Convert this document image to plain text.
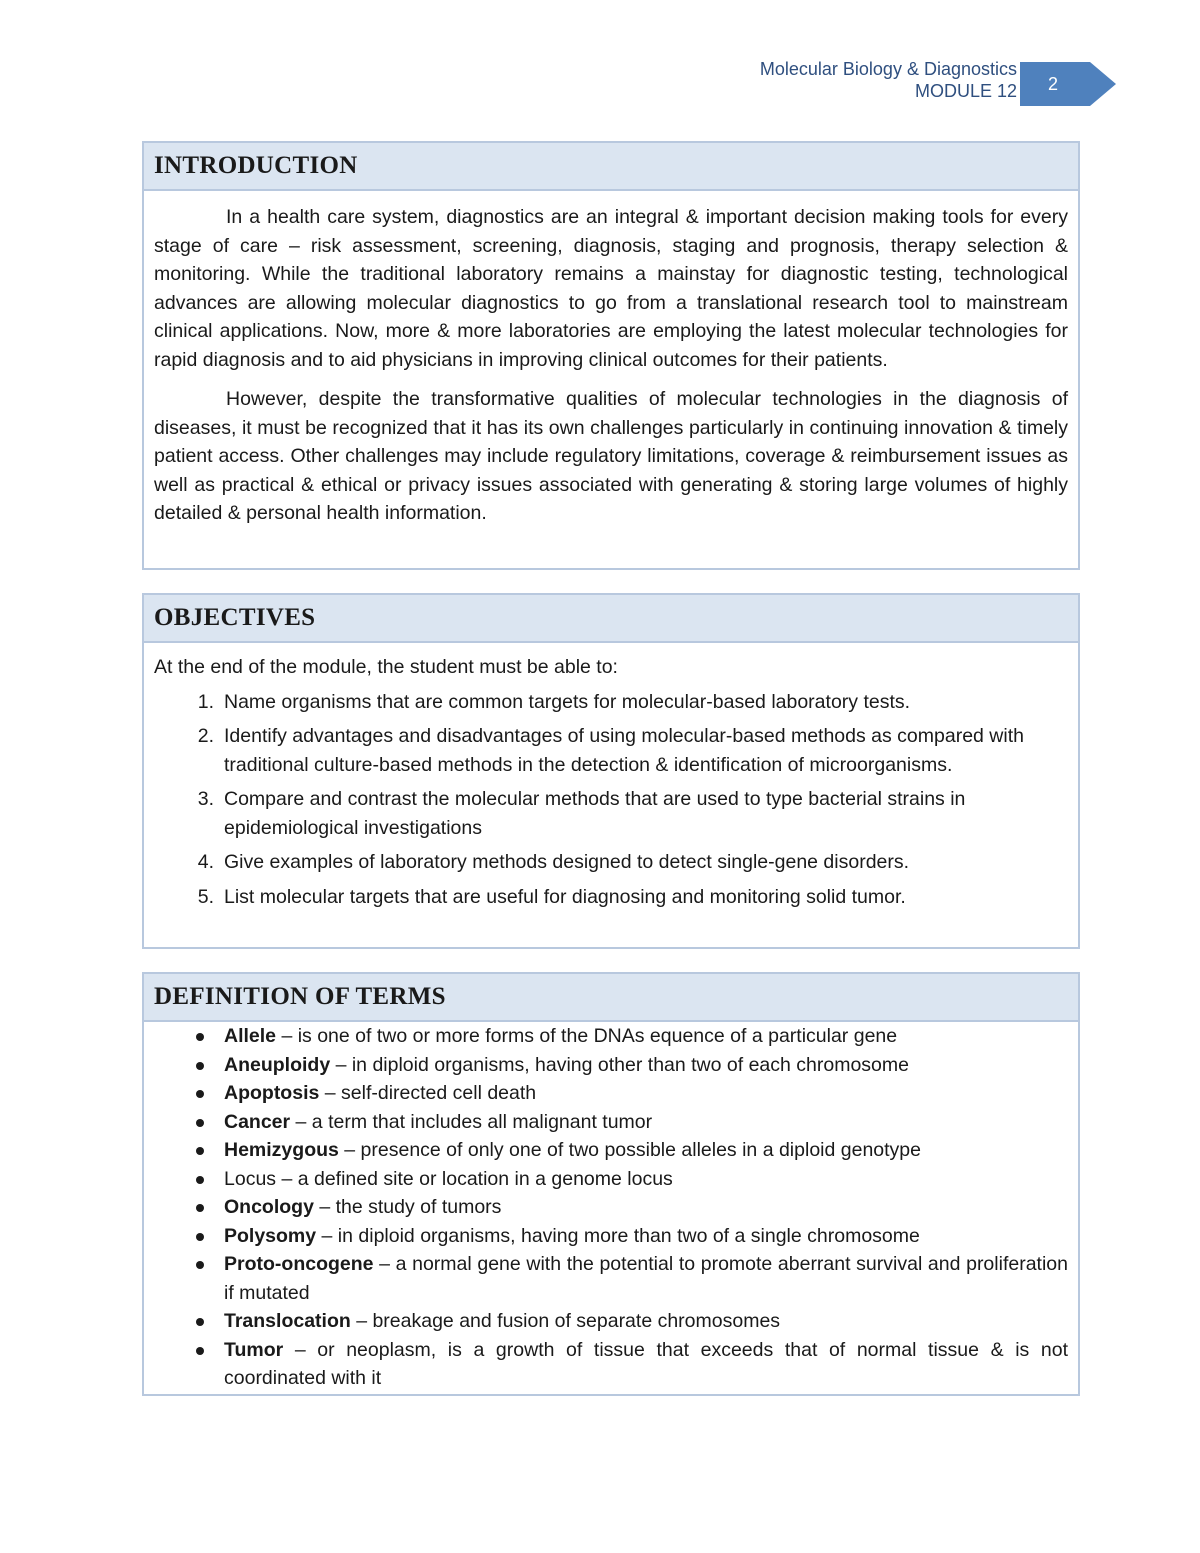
Molecular Biology & Diagnostics
MODULE 12	2
INTRODUCTION

In a health care system, diagnostics are an integral & important decision making tools for every stage of care – risk assessment, screening, diagnosis, staging and prognosis, therapy selection & monitoring. While the traditional laboratory remains a mainstay for diagnostic testing, technological advances are allowing molecular diagnostics to go from a translational research tool to mainstream clinical applications. Now, more & more laboratories are employing the latest molecular technologies for rapid diagnosis and to aid physicians in improving clinical outcomes for their patients.

However, despite the transformative qualities of molecular technologies in the diagnosis of diseases, it must be recognized that it has its own challenges particularly in continuing innovation & timely patient access. Other challenges may include regulatory limitations, coverage & reimbursement issues as well as practical & ethical or privacy issues associated with generating & storing large volumes of highly detailed & personal health information.

OBJECTIVES

At the end of the module, the student must be able to:

1. Name organisms that are common targets for molecular-based laboratory tests.
2. Identify advantages and disadvantages of using molecular-based methods as compared with traditional culture-based methods in the detection & identification of microorganisms.
3. Compare and contrast the molecular methods that are used to type bacterial strains in epidemiological investigations
4. Give examples of laboratory methods designed to detect single-gene disorders.
5. List molecular targets that are useful for diagnosing and monitoring solid tumor.
DEFINITION OF TERMS
Allele – is one of two or more forms of the DNAs equence of a particular gene
Aneuploidy – in diploid organisms, having other than two of each chromosome
Apoptosis – self-directed cell death
Cancer – a term that includes all malignant tumor
Hemizygous – presence of only one of two possible alleles in a diploid genotype
Locus – a defined site or location in a genome locus
Oncology – the study of tumors
Polysomy – in diploid organisms, having more than two of a single chromosome
Proto-oncogene – a normal gene with the potential to promote aberrant survival and proliferation if mutated
Translocation – breakage and fusion of separate chromosomes
Tumor – or neoplasm, is a growth of tissue that exceeds that of normal tissue & is not coordinated with it
